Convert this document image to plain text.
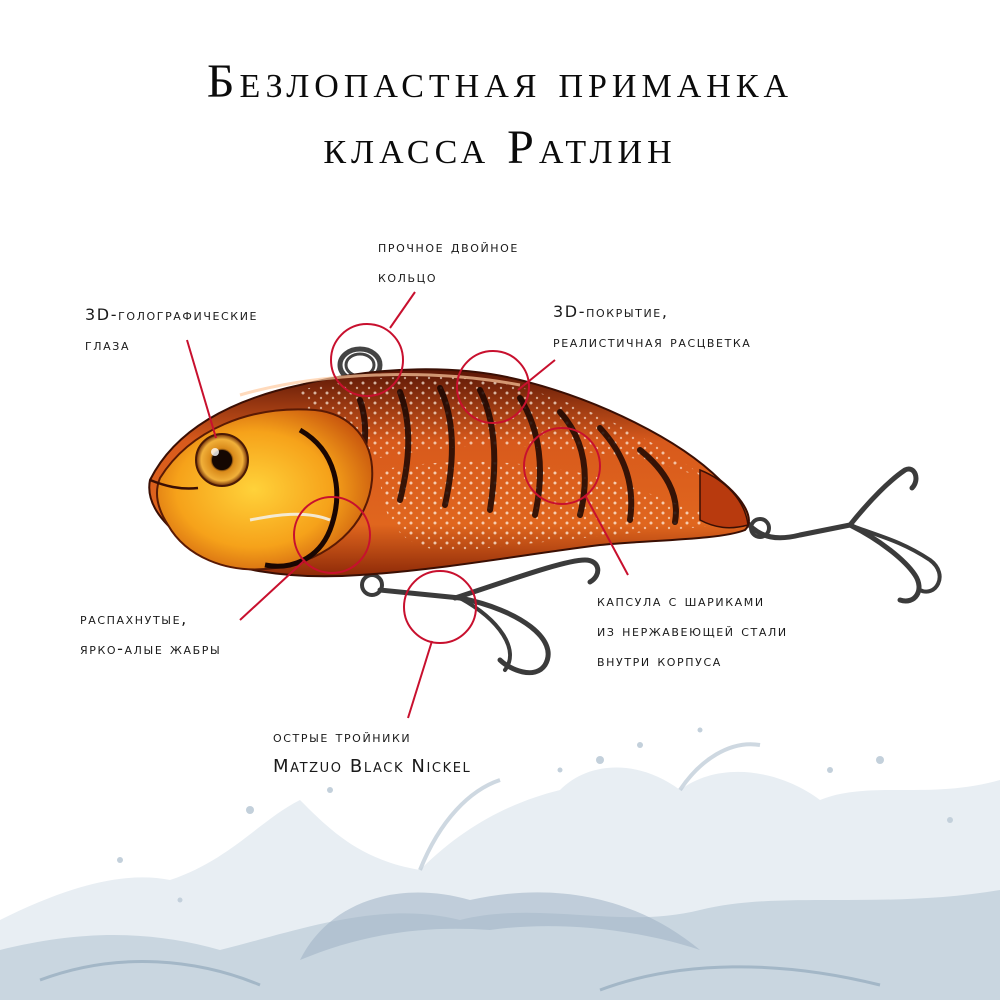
Безлопастная приманка
класса Ратлин
3D-голографические
глаза
прочное двойное
кольцо
3D-покрытие,
реалистичная расцветка
распахнутые,
ярко-алые жабры
капсула с шариками
из нержавеющей стали
внутри корпуса
острые тройники
Matzuo Black Nickel
